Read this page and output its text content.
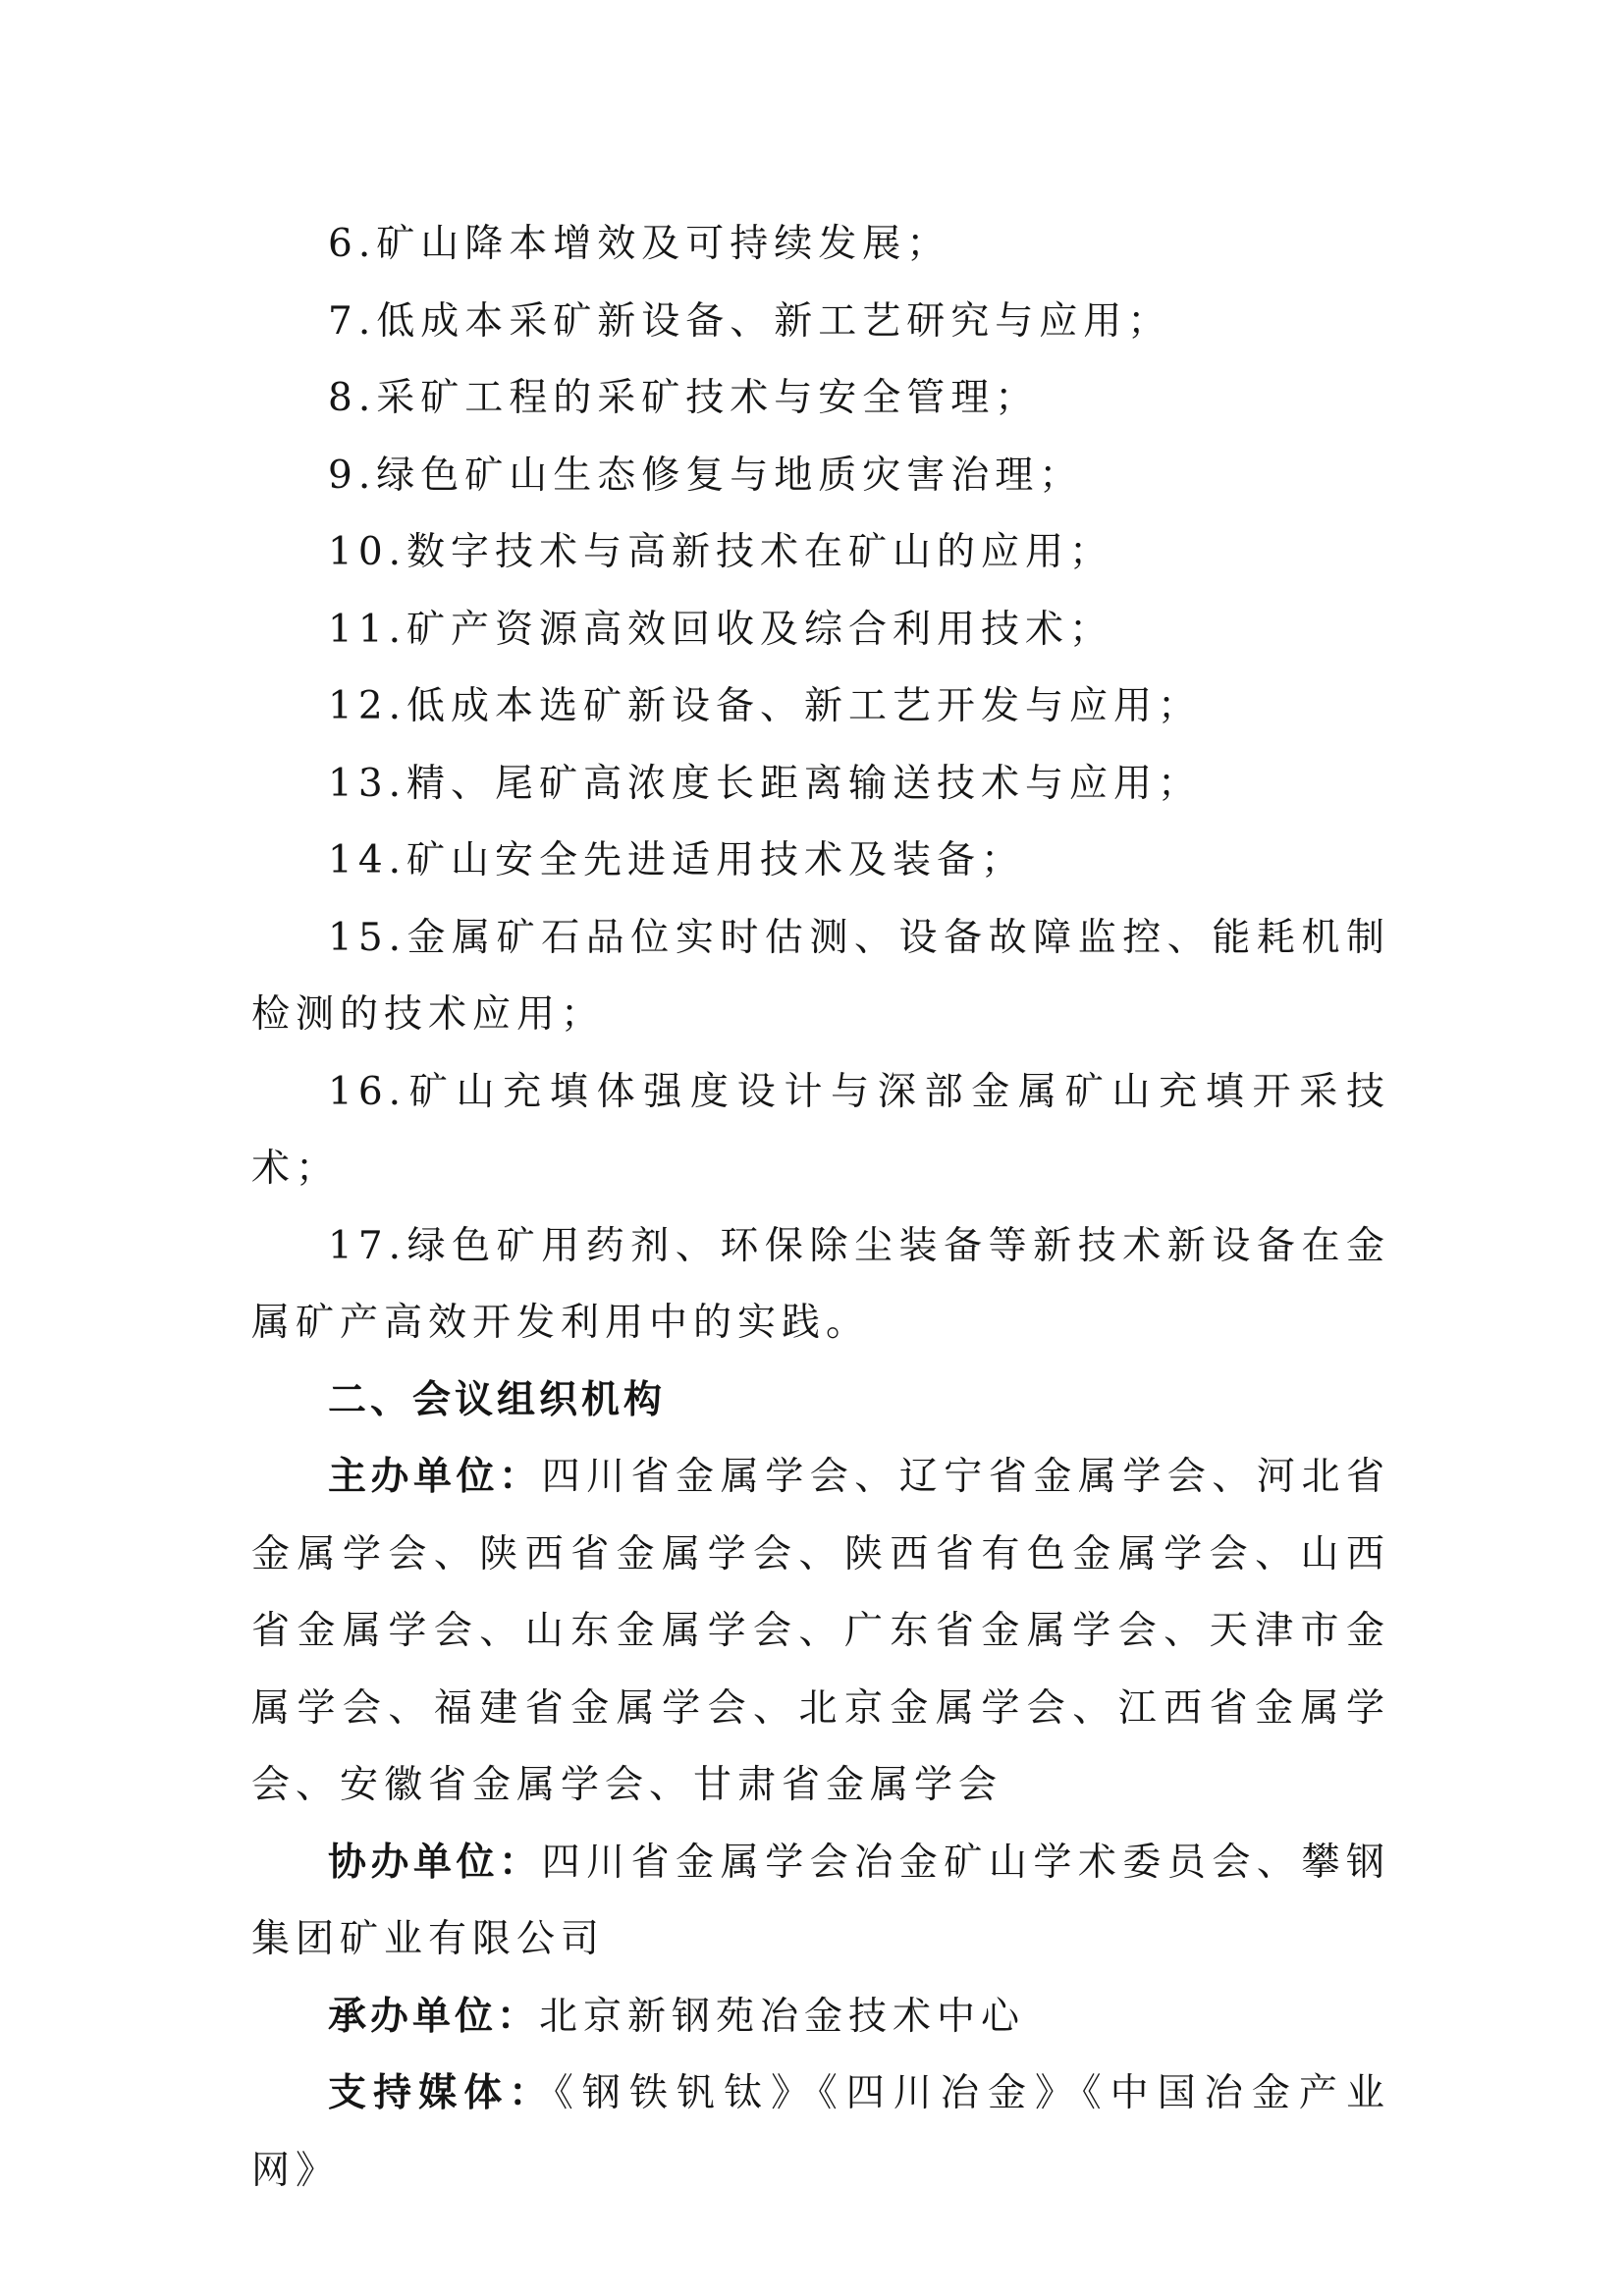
6.矿山降本增效及可持续发展；

7.低成本采矿新设备、新工艺研究与应用；

8.采矿工程的采矿技术与安全管理；

9.绿色矿山生态修复与地质灾害治理；

10.数字技术与高新技术在矿山的应用；

11.矿产资源高效回收及综合利用技术；

12.低成本选矿新设备、新工艺开发与应用；

13.精、尾矿高浓度长距离输送技术与应用；

14.矿山安全先进适用技术及装备；

15.金属矿石品位实时估测、设备故障监控、能耗机制检测的技术应用；

16.矿山充填体强度设计与深部金属矿山充填开采技术；

17.绿色矿用药剂、环保除尘装备等新技术新设备在金属矿产高效开发利用中的实践。

二、会议组织机构

主办单位：四川省金属学会、辽宁省金属学会、河北省金属学会、陕西省金属学会、陕西省有色金属学会、山西省金属学会、山东金属学会、广东省金属学会、天津市金属学会、福建省金属学会、北京金属学会、江西省金属学会、安徽省金属学会、甘肃省金属学会

协办单位：四川省金属学会冶金矿山学术委员会、攀钢集团矿业有限公司

承办单位：北京新钢苑冶金技术中心

支持媒体：《钢铁钒钛》《四川冶金》《中国冶金产业网》
